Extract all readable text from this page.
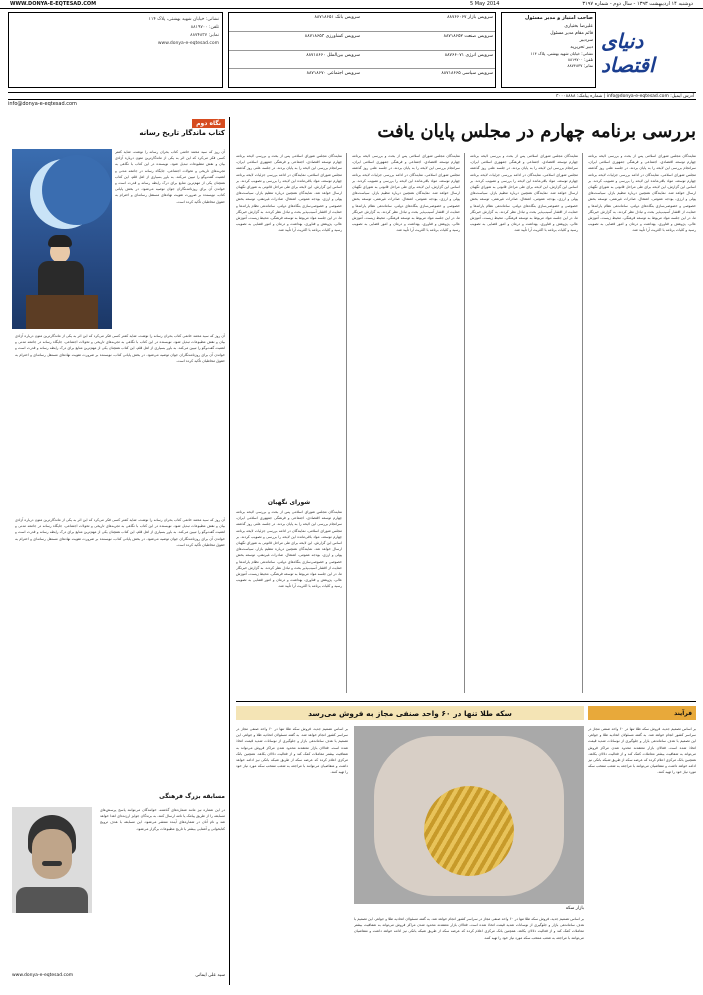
WWW.DONYA-E-EQTESAD.COM	5 May 2014	دوشنبه ۱۴ اردیبهشت ۱۳۹۳ - سال دوم - شماره ۳۱۹۷
دنیای اقتصاد
صاحب امتیاز و مدیر مسئول
علیرضا بختیاری
قائم مقام مدیر مسئول
سردبیر
دبیر تحریریه
نشانی: خیابان شهید بهشتی، پلاک ۱۱۴
تلفن: ۸۸۱۹۷۰۰
نمابر: ۸۸۷۴۸۳۷
سرویس بازار ۸۸۷۶۶۰۶۷
سرویس بانک ۸۸۷۱۸۶۵۱
سرویس صنعت ۸۸۷۱۸۶۵۲
سرویس کشاورزی ۸۸۷۱۸۶۵۳
سرویس انرژی ۸۸۷۶۶۰۷۱
سرویس بین‌الملل ۸۸۷۱۸۶۶۰
سرویس سیاسی ۸۸۷۱۸۶۶۵
سرویس اجتماعی ۸۸۷۱۸۶۷۰
نشانی: خیابان شهید بهشتی، پلاک ۱۱۴
تلفن: ۸۸۱۹۷۰۰
نمابر: ۸۸۷۴۸۳۷
www.donya-e-eqtesad.com
آدرس ایمیل: info@donya-e-eqtesad.com | شماره پیامک: ۳۰۰۰۸۸۸۸
info@donya-e-eqtesad.com
نگاه دوم
کتاب ماندگار تاریخ رسانه
آن روز که سید محمد خاتمی کتاب بحران رسانه را نوشت، شاید کمتر کسی فکر می‌کرد که این اثر به یکی از ماندگارترین متون درباره آزادی بیان و نقش مطبوعات تبدیل شود. نویسنده در این کتاب با نگاهی به تجربه‌های تاریخی و تحولات اجتماعی، جایگاه رسانه در جامعه مدنی و اهمیت گفت‌وگو را تبیین می‌کند. به باور بسیاری از اهل قلم، این کتاب همچنان یکی از مهم‌ترین منابع برای درک رابطه رسانه و قدرت است و خواندن آن برای روزنامه‌نگاران جوان توصیه می‌شود. در بخش پایانی کتاب، نویسنده بر ضرورت تقویت نهادهای مستقل رسانه‌ای و احترام به حقوق مخاطبان تأکید کرده است.
آن روز که سید محمد خاتمی کتاب بحران رسانه را نوشت، شاید کمتر کسی فکر می‌کرد که این اثر به یکی از ماندگارترین متون درباره آزادی بیان و نقش مطبوعات تبدیل شود. نویسنده در این کتاب با نگاهی به تجربه‌های تاریخی و تحولات اجتماعی، جایگاه رسانه در جامعه مدنی و اهمیت گفت‌وگو را تبیین می‌کند. به باور بسیاری از اهل قلم، این کتاب همچنان یکی از مهم‌ترین منابع برای درک رابطه رسانه و قدرت است و خواندن آن برای روزنامه‌نگاران جوان توصیه می‌شود. در بخش پایانی کتاب، نویسنده بر ضرورت تقویت نهادهای مستقل رسانه‌ای و احترام به حقوق مخاطبان تأکید کرده است.
آن روز که سید محمد خاتمی کتاب بحران رسانه را نوشت، شاید کمتر کسی فکر می‌کرد که این اثر به یکی از ماندگارترین متون درباره آزادی بیان و نقش مطبوعات تبدیل شود. نویسنده در این کتاب با نگاهی به تجربه‌های تاریخی و تحولات اجتماعی، جایگاه رسانه در جامعه مدنی و اهمیت گفت‌وگو را تبیین می‌کند. به باور بسیاری از اهل قلم، این کتاب همچنان یکی از مهم‌ترین منابع برای درک رابطه رسانه و قدرت است و خواندن آن برای روزنامه‌نگاران جوان توصیه می‌شود. در بخش پایانی کتاب، نویسنده بر ضرورت تقویت نهادهای مستقل رسانه‌ای و احترام به حقوق مخاطبان تأکید کرده است.
مسابقه بزرگ فرهنگی
در این شماره نیز مانند شماره‌های گذشته، خوانندگان می‌توانند پاسخ پرسش‌های مسابقه را از طریق پیامک یا نامه ارسال کنند. به برندگان جوایز ارزنده‌ای اهدا خواهد شد و نام آنان در شماره‌های آینده منتشر می‌شود. این مسابقه با هدف ترویج کتابخوانی و آشنایی بیشتر با تاریخ مطبوعات برگزار می‌شود.
سید علی ایمانی
www.donya-e-eqtesad.com
بررسی برنامه چهارم در مجلس پایان یافت
نمایندگان مجلس شورای اسلامی پس از بحث و بررسی لایحه برنامه چهارم توسعه اقتصادی، اجتماعی و فرهنگی جمهوری اسلامی ایران، سرانجام بررسی این لایحه را به پایان بردند. در جلسه علنی روز گذشته مجلس شورای اسلامی، نمایندگان در ادامه بررسی جزئیات لایحه برنامه چهارم توسعه، مواد باقی‌مانده این لایحه را بررسی و تصویب کردند. بر اساس این گزارش، این لایحه برای طی مراحل قانونی به شورای نگهبان ارسال خواهد شد. نمایندگان همچنین درباره تنظیم بازار، سیاست‌های پولی و ارزی، بودجه عمومی، اشتغال، صادرات غیرنفتی، توسعه بخش خصوصی و خصوصی‌سازی بنگاه‌های دولتی، ساماندهی نظام یارانه‌ها و حمایت از اقشار آسیب‌پذیر بحث و تبادل نظر کردند. به گزارش خبرنگار ما، در این جلسه مواد مربوط به توسعه فرهنگی، محیط زیست، آموزش عالی، پژوهش و فناوری، بهداشت و درمان و امور قضایی به تصویب رسید و کلیات برنامه با اکثریت آرا تأیید شد.
نمایندگان مجلس شورای اسلامی پس از بحث و بررسی لایحه برنامه چهارم توسعه اقتصادی، اجتماعی و فرهنگی جمهوری اسلامی ایران، سرانجام بررسی این لایحه را به پایان بردند. در جلسه علنی روز گذشته مجلس شورای اسلامی، نمایندگان در ادامه بررسی جزئیات لایحه برنامه چهارم توسعه، مواد باقی‌مانده این لایحه را بررسی و تصویب کردند. بر اساس این گزارش، این لایحه برای طی مراحل قانونی به شورای نگهبان ارسال خواهد شد. نمایندگان همچنین درباره تنظیم بازار، سیاست‌های پولی و ارزی، بودجه عمومی، اشتغال، صادرات غیرنفتی، توسعه بخش خصوصی و خصوصی‌سازی بنگاه‌های دولتی، ساماندهی نظام یارانه‌ها و حمایت از اقشار آسیب‌پذیر بحث و تبادل نظر کردند. به گزارش خبرنگار ما، در این جلسه مواد مربوط به توسعه فرهنگی، محیط زیست، آموزش عالی، پژوهش و فناوری، بهداشت و درمان و امور قضایی به تصویب رسید و کلیات برنامه با اکثریت آرا تأیید شد.
نمایندگان مجلس شورای اسلامی پس از بحث و بررسی لایحه برنامه چهارم توسعه اقتصادی، اجتماعی و فرهنگی جمهوری اسلامی ایران، سرانجام بررسی این لایحه را به پایان بردند. در جلسه علنی روز گذشته مجلس شورای اسلامی، نمایندگان در ادامه بررسی جزئیات لایحه برنامه چهارم توسعه، مواد باقی‌مانده این لایحه را بررسی و تصویب کردند. بر اساس این گزارش، این لایحه برای طی مراحل قانونی به شورای نگهبان ارسال خواهد شد. نمایندگان همچنین درباره تنظیم بازار، سیاست‌های پولی و ارزی، بودجه عمومی، اشتغال، صادرات غیرنفتی، توسعه بخش خصوصی و خصوصی‌سازی بنگاه‌های دولتی، ساماندهی نظام یارانه‌ها و حمایت از اقشار آسیب‌پذیر بحث و تبادل نظر کردند. به گزارش خبرنگار ما، در این جلسه مواد مربوط به توسعه فرهنگی، محیط زیست، آموزش عالی، پژوهش و فناوری، بهداشت و درمان و امور قضایی به تصویب رسید و کلیات برنامه با اکثریت آرا تأیید شد.
نمایندگان مجلس شورای اسلامی پس از بحث و بررسی لایحه برنامه چهارم توسعه اقتصادی، اجتماعی و فرهنگی جمهوری اسلامی ایران، سرانجام بررسی این لایحه را به پایان بردند. در جلسه علنی روز گذشته مجلس شورای اسلامی، نمایندگان در ادامه بررسی جزئیات لایحه برنامه چهارم توسعه، مواد باقی‌مانده این لایحه را بررسی و تصویب کردند. بر اساس این گزارش، این لایحه برای طی مراحل قانونی به شورای نگهبان ارسال خواهد شد. نمایندگان همچنین درباره تنظیم بازار، سیاست‌های پولی و ارزی، بودجه عمومی، اشتغال، صادرات غیرنفتی، توسعه بخش خصوصی و خصوصی‌سازی بنگاه‌های دولتی، ساماندهی نظام یارانه‌ها و حمایت از اقشار آسیب‌پذیر بحث و تبادل نظر کردند. به گزارش خبرنگار ما، در این جلسه مواد مربوط به توسعه فرهنگی، محیط زیست، آموزش عالی، پژوهش و فناوری، بهداشت و درمان و امور قضایی به تصویب رسید و کلیات برنامه با اکثریت آرا تأیید شد.
شورای نگهبان
نمایندگان مجلس شورای اسلامی پس از بحث و بررسی لایحه برنامه چهارم توسعه اقتصادی، اجتماعی و فرهنگی جمهوری اسلامی ایران، سرانجام بررسی این لایحه را به پایان بردند. در جلسه علنی روز گذشته مجلس شورای اسلامی، نمایندگان در ادامه بررسی جزئیات لایحه برنامه چهارم توسعه، مواد باقی‌مانده این لایحه را بررسی و تصویب کردند. بر اساس این گزارش، این لایحه برای طی مراحل قانونی به شورای نگهبان ارسال خواهد شد. نمایندگان همچنین درباره تنظیم بازار، سیاست‌های پولی و ارزی، بودجه عمومی، اشتغال، صادرات غیرنفتی، توسعه بخش خصوصی و خصوصی‌سازی بنگاه‌های دولتی، ساماندهی نظام یارانه‌ها و حمایت از اقشار آسیب‌پذیر بحث و تبادل نظر کردند. به گزارش خبرنگار ما، در این جلسه مواد مربوط به توسعه فرهنگی، محیط زیست، آموزش عالی، پژوهش و فناوری، بهداشت و درمان و امور قضایی به تصویب رسید و کلیات برنامه با اکثریت آرا تأیید شد.
فرآیند
سکه طلا تنها در ۶۰ واحد صنفی مجاز به فروش می‌رسد
بر اساس تصمیم جدید، فروش سکه طلا تنها در ۶۰ واحد صنفی مجاز در سراسر کشور انجام خواهد شد. به گفته مسئولان اتحادیه طلا و جواهر، این تصمیم با هدف ساماندهی بازار و جلوگیری از نوسانات شدید قیمت اتخاذ شده است. فعالان بازار معتقدند محدود شدن مراکز فروش می‌تواند به شفافیت بیشتر معاملات کمک کند و از فعالیت دلالان بکاهد. همچنین بانک مرکزی اعلام کرده که عرضه سکه از طریق شبکه بانکی نیز ادامه خواهد داشت و متقاضیان می‌توانند با مراجعه به شعب منتخب سکه مورد نیاز خود را تهیه کنند.
بازار سکه
بر اساس تصمیم جدید، فروش سکه طلا تنها در ۶۰ واحد صنفی مجاز در سراسر کشور انجام خواهد شد. به گفته مسئولان اتحادیه طلا و جواهر، این تصمیم با هدف ساماندهی بازار و جلوگیری از نوسانات شدید قیمت اتخاذ شده است. فعالان بازار معتقدند محدود شدن مراکز فروش می‌تواند به شفافیت بیشتر معاملات کمک کند و از فعالیت دلالان بکاهد. همچنین بانک مرکزی اعلام کرده که عرضه سکه از طریق شبکه بانکی نیز ادامه خواهد داشت و متقاضیان می‌توانند با مراجعه به شعب منتخب سکه مورد نیاز خود را تهیه کنند.
بر اساس تصمیم جدید، فروش سکه طلا تنها در ۶۰ واحد صنفی مجاز در سراسر کشور انجام خواهد شد. به گفته مسئولان اتحادیه طلا و جواهر، این تصمیم با هدف ساماندهی بازار و جلوگیری از نوسانات شدید قیمت اتخاذ شده است. فعالان بازار معتقدند محدود شدن مراکز فروش می‌تواند به شفافیت بیشتر معاملات کمک کند و از فعالیت دلالان بکاهد. همچنین بانک مرکزی اعلام کرده که عرضه سکه از طریق شبکه بانکی نیز ادامه خواهد داشت و متقاضیان می‌توانند با مراجعه به شعب منتخب سکه مورد نیاز خود را تهیه کنند.
